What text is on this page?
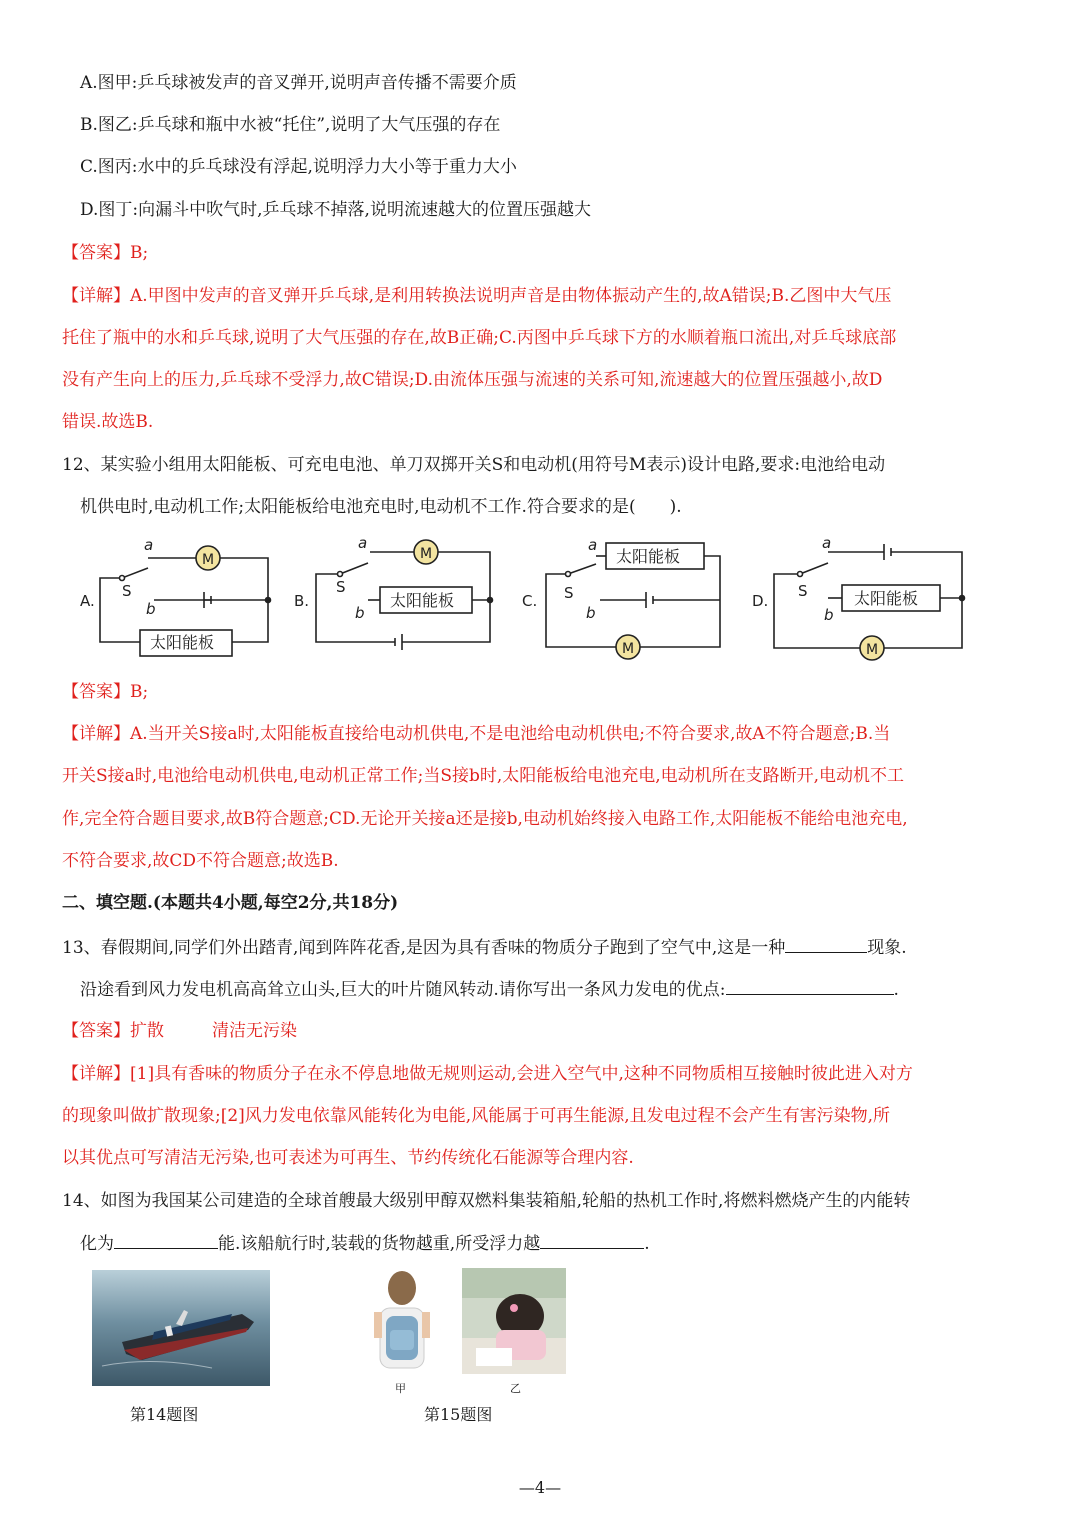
A.图甲:乒乓球被发声的音叉弹开,说明声音传播不需要介质
B.图乙:乒乓球和瓶中水被“托住”,说明了大气压强的存在
C.图丙:水中的乒乓球没有浮起,说明浮力大小等于重力大小
D.图丁:向漏斗中吹气时,乒乓球不掉落,说明流速越大的位置压强越大
【答案】B;
【详解】A.甲图中发声的音叉弹开乒乓球,是利用转换法说明声音是由物体振动产生的,故A错误;B.乙图中大气压
托住了瓶中的水和乒乓球,说明了大气压强的存在,故B正确;C.丙图中乒乓球下方的水顺着瓶口流出,对乒乓球底部
没有产生向上的压力,乒乓球不受浮力,故C错误;D.由流体压强与流速的关系可知,流速越大的位置压强越小,故D
错误.故选B.
12、某实验小组用太阳能板、可充电电池、单刀双掷开关S和电动机(用符号M表示)设计电路,要求:电池给电动
机供电时,电动机工作;太阳能板给电池充电时,电动机不工作.符合要求的是(　　).
A.
a
M
S
b
太阳能板
B.
a
M
S
b
太阳能板	C.
a
太阳能板
S
b
M
D.
a
S
b
太阳能板
M
【答案】B;
【详解】A.当开关S接a时,太阳能板直接给电动机供电,不是电池给电动机供电;不符合要求,故A不符合题意;B.当
开关S接a时,电池给电动机供电,电动机正常工作;当S接b时,太阳能板给电池充电,电动机所在支路断开,电动机不工
作,完全符合题目要求,故B符合题意;CD.无论开关接a还是接b,电动机始终接入电路工作,太阳能板不能给电池充电,
不符合要求,故CD不符合题意;故选B.
二、填空题.(本题共4小题,每空2分,共18分)
13、春假期间,同学们外出踏青,闻到阵阵花香,是因为具有香味的物质分子跑到了空气中,这是一种	现象.
沿途看到风力发电机高高耸立山头,巨大的叶片随风转动.请你写出一条风力发电的优点:	.
【答案】扩散	清洁无污染
【详解】[1]具有香味的物质分子在永不停息地做无规则运动,会进入空气中,这种不同物质相互接触时彼此进入对方
的现象叫做扩散现象;[2]风力发电依靠风能转化为电能,风能属于可再生能源,且发电过程不会产生有害污染物,所
以其优点可写清洁无污染,也可表述为可再生、节约传统化石能源等合理内容.
14、如图为我国某公司建造的全球首艘最大级别甲醇双燃料集装箱船,轮船的热机工作时,将燃料燃烧产生的内能转
化为	能.该船航行时,装载的货物越重,所受浮力越	.
甲	乙
第14题图	第15题图
—4—
